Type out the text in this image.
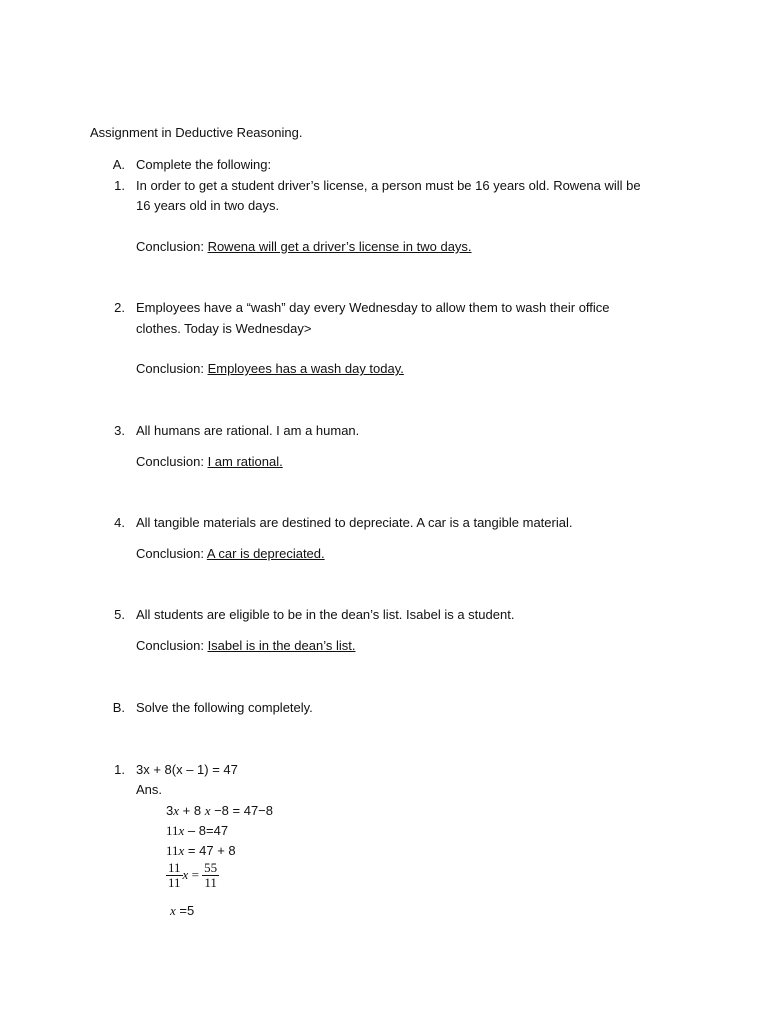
Assignment in Deductive Reasoning.
A. Complete the following:
1. In order to get a student driver’s license, a person must be 16 years old. Rowena will be
16 years old in two days.
Conclusion: Rowena will get a driver’s license in two days.
2. Employees have a “wash” day every Wednesday to allow them to wash their office
clothes. Today is Wednesday>
Conclusion: Employees has a wash day today.
3. All humans are rational. I am a human.
Conclusion: I am rational.
4. All tangible materials are destined to depreciate. A car is a tangible material.
Conclusion: A car is depreciated.
5. All students are eligible to be in the dean’s list. Isabel is a student.
Conclusion: Isabel is in the dean’s list.
B. Solve the following completely.
1. 3x + 8(x – 1) = 47
Ans.
3x + 8 x −8 = 47−8
11x – 8=47
11x = 47 + 8
$\frac{11}{11}$ $x = \frac{55}{11}$
x =5
